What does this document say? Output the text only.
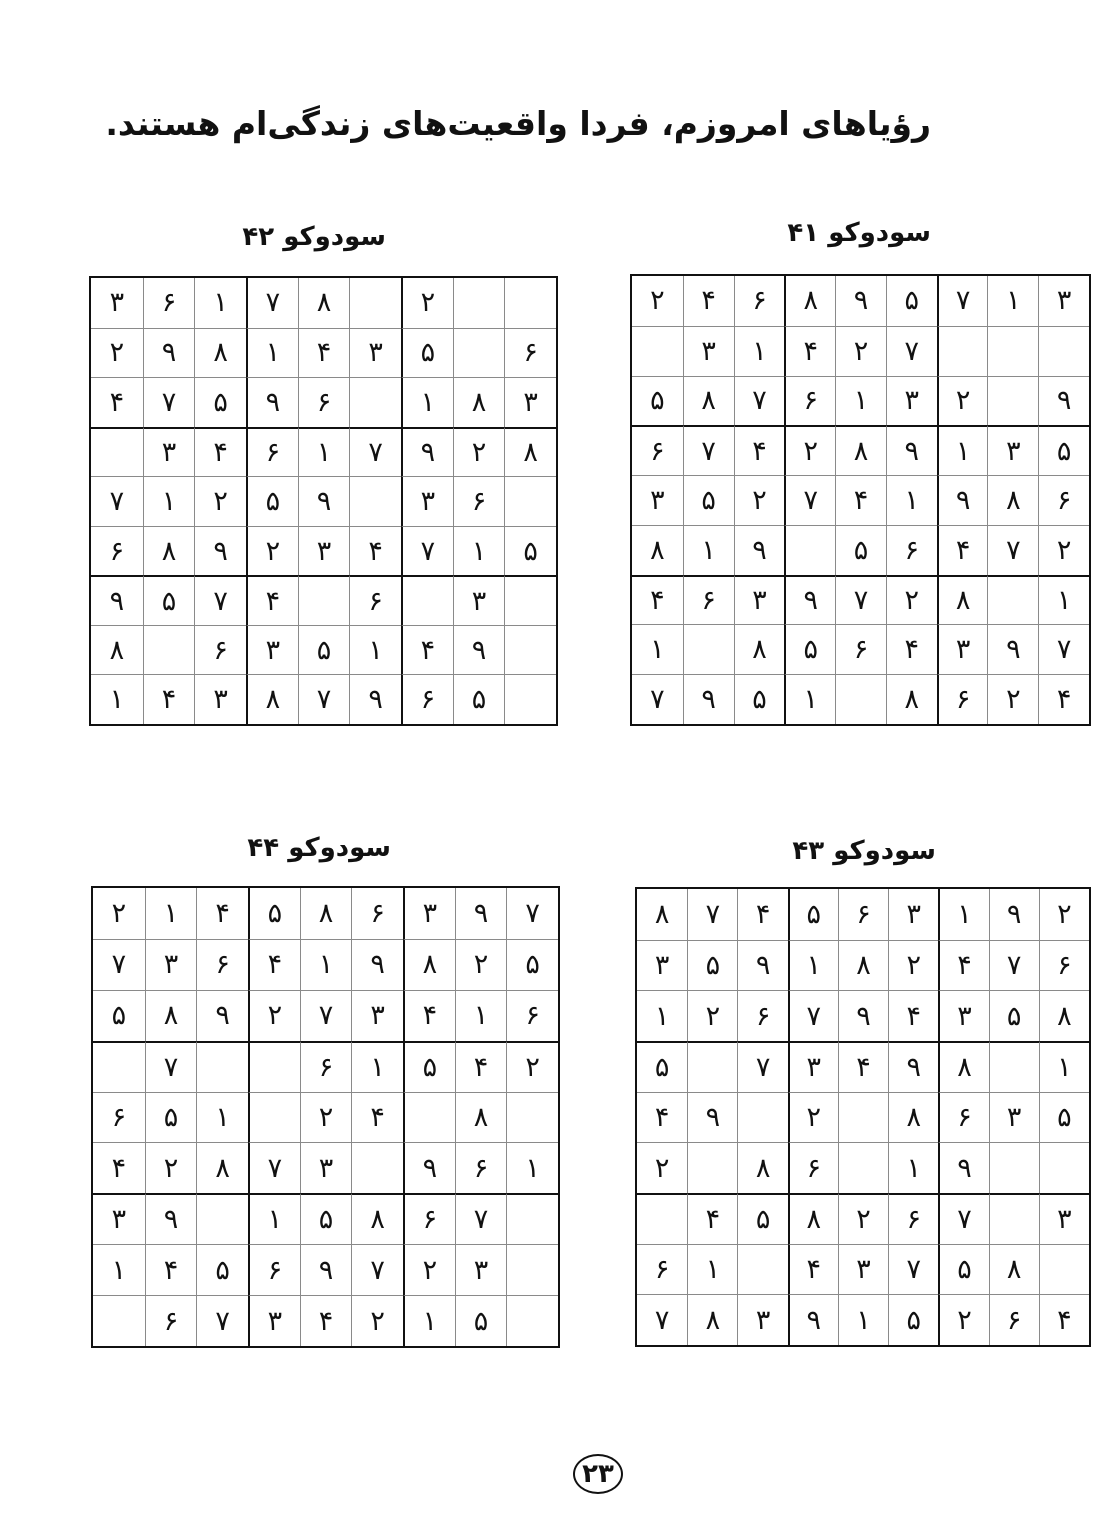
رؤیاهای امروزم، فردا واقعیت‌های زندگی‌ام هستند.
سودوکو ۴۱
سودوکو ۴۲
سودوکو ۴۳
سودوکو ۴۴
۳
۱
۷
۵
۹
۸
۶
۴
۲
۷
۲
۴
۱
۳
۹
۲
۳
۱
۶
۷
۸
۵
۵
۳
۱
۹
۸
۲
۴
۷
۶
۶
۸
۹
۱
۴
۷
۲
۵
۳
۲
۷
۴
۶
۵
۹
۱
۸
۱
۸
۲
۷
۹
۳
۶
۴
۷
۹
۳
۴
۶
۵
۸
۱
۴
۲
۶
۸
۱
۵
۹
۷
۲
۸
۷
۱
۶
۳
۶
۵
۳
۴
۱
۸
۹
۲
۳
۸
۱
۶
۹
۵
۷
۴
۸
۲
۹
۷
۱
۶
۴
۳
۶
۳
۹
۵
۲
۱
۷
۵
۱
۷
۴
۳
۲
۹
۸
۶
۳
۶
۴
۷
۵
۹
۹
۴
۱
۵
۳
۶
۸
۵
۶
۹
۷
۸
۳
۴
۱
۲
۹
۱
۳
۶
۵
۴
۷
۸
۶
۷
۴
۲
۸
۱
۹
۵
۳
۸
۵
۳
۴
۹
۷
۶
۲
۱
۱
۸
۹
۴
۳
۷
۵
۵
۳
۶
۸
۲
۹
۴
۹
۱
۶
۸
۲
۳
۷
۶
۲
۸
۵
۴
۸
۵
۷
۳
۴
۱
۶
۴
۶
۲
۵
۱
۹
۳
۸
۷
۷
۹
۳
۶
۸
۵
۴
۱
۲
۵
۲
۸
۹
۱
۴
۶
۳
۷
۶
۱
۴
۳
۷
۲
۹
۸
۵
۲
۴
۵
۱
۶
۷
۸
۴
۲
۱
۵
۶
۱
۶
۹
۳
۷
۸
۲
۴
۷
۶
۸
۵
۱
۹
۳
۳
۲
۷
۹
۶
۵
۴
۱
۵
۱
۲
۴
۳
۷
۶
۲۳
